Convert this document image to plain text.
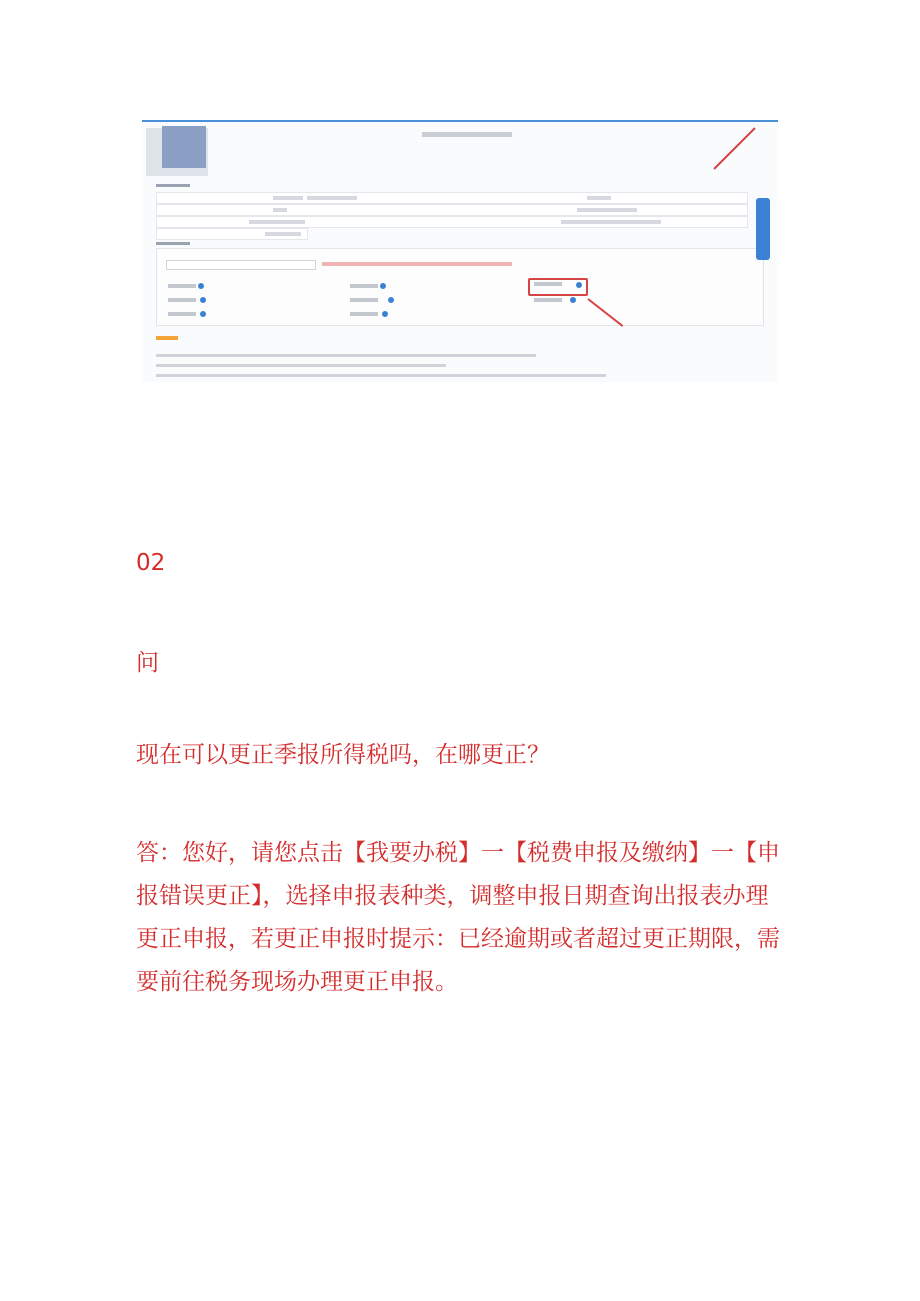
02

问

现在可以更正季报所得税吗，在哪更正？

答：您好，请您点击【我要办税】一【税费申报及缴纳】一【申报错误更正】，选择申报表种类，调整申报日期查询出报表办理更正申报，若更正申报时提示：已经逾期或者超过更正期限，需要前往税务现场办理更正申报。
